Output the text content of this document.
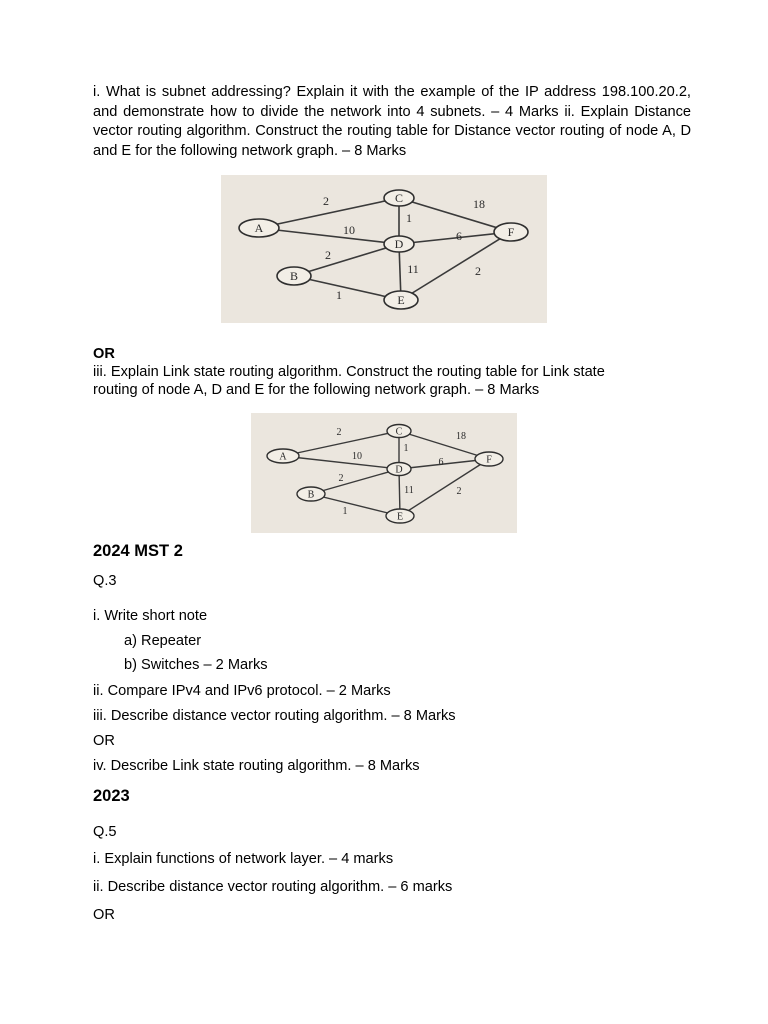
i. What is subnet addressing? Explain it with the example of the IP address 198.100.20.2, and demonstrate how to divide the network into 4 subnets. – 4 Marks ii. Explain Distance vector routing algorithm. Construct the routing table for Distance vector routing of node A, D and E for the following network graph. – 8 Marks
A
C
D
F
B
E
2
10
1
18
6
2
11	2
1
OR
iii. Explain Link state routing algorithm. Construct the routing table for Link state
routing of node A, D and E for the following network graph. – 8 Marks
A
C
D
F
B
E
2
10
1
18
6
2
11	2
1
2024 MST 2
Q.3
i. Write short note
a) Repeater
b) Switches – 2 Marks
ii. Compare IPv4 and IPv6 protocol. – 2 Marks
iii. Describe distance vector routing algorithm. – 8 Marks
OR
iv. Describe Link state routing algorithm. – 8 Marks
2023
Q.5
i. Explain functions of network layer. – 4 marks
ii. Describe distance vector routing algorithm. – 6 marks
OR
